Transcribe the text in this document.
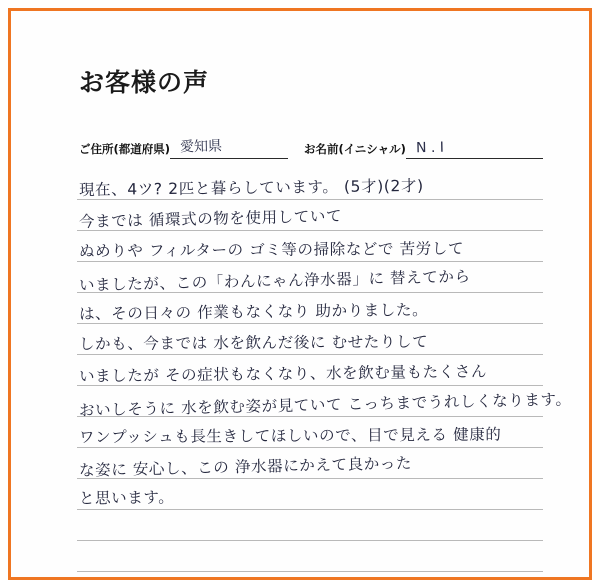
お客様の声
ご住所(都道府県) 愛知県	お名前(イニシャル) N . I
現在、4ツ? 2匹と暮らしています。 (5才)(2才)
今までは 循環式の物を使用していて
ぬめりや フィルターの ゴミ等の掃除などで 苦労して
いましたが、この「わんにゃん浄水器」に 替えてから
は、その日々の 作業もなくなり 助かりました。
しかも、今までは 水を飲んだ後に むせたりして
いましたが その症状もなくなり、水を飲む量もたくさん
おいしそうに 水を飲む姿が見ていて こっちまでうれしくなります。
ワンプッシュも長生きしてほしいので、目で見える 健康的
な姿に 安心し、この 浄水器にかえて良かった
と思います。
